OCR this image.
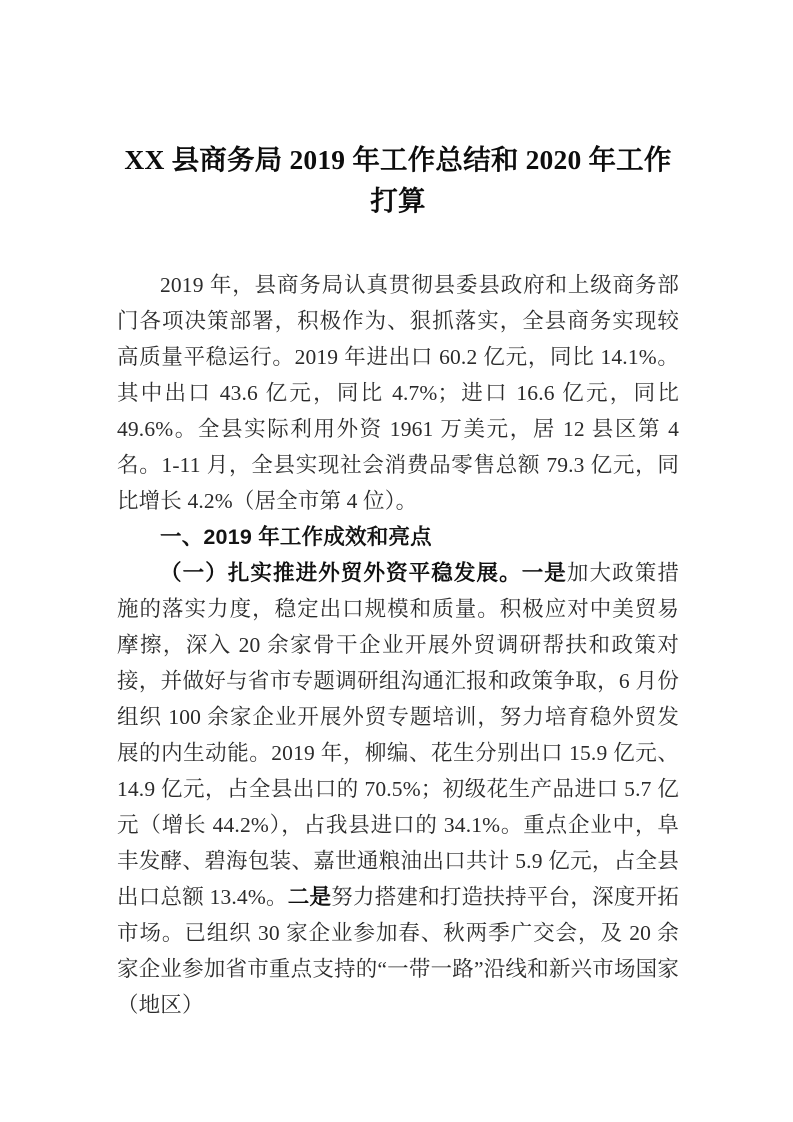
XX 县商务局 2019 年工作总结和 2020 年工作打算

2019 年，县商务局认真贯彻县委县政府和上级商务部门各项决策部署，积极作为、狠抓落实，全县商务实现较高质量平稳运行。2019 年进出口 60.2 亿元，同比 14.1%。其中出口 43.6 亿元，同比 4.7%；进口 16.6 亿元，同比 49.6%。全县实际利用外资 1961 万美元，居 12 县区第 4 名。1-11 月，全县实现社会消费品零售总额 79.3 亿元，同比增长 4.2%（居全市第 4 位）。

一、2019 年工作成效和亮点

（一）扎实推进外贸外资平稳发展。一是加大政策措施的落实力度，稳定出口规模和质量。积极应对中美贸易摩擦，深入 20 余家骨干企业开展外贸调研帮扶和政策对接，并做好与省市专题调研组沟通汇报和政策争取，6 月份组织 100 余家企业开展外贸专题培训，努力培育稳外贸发展的内生动能。2019 年，柳编、花生分别出口 15.9 亿元、14.9 亿元，占全县出口的 70.5%；初级花生产品进口 5.7 亿元（增长 44.2%），占我县进口的 34.1%。重点企业中，阜丰发酵、碧海包装、嘉世通粮油出口共计 5.9 亿元，占全县出口总额 13.4%。二是努力搭建和打造扶持平台，深度开拓市场。已组织 30 家企业参加春、秋两季广交会，及 20 余家企业参加省市重点支持的“一带一路”沿线和新兴市场国家（地区）
